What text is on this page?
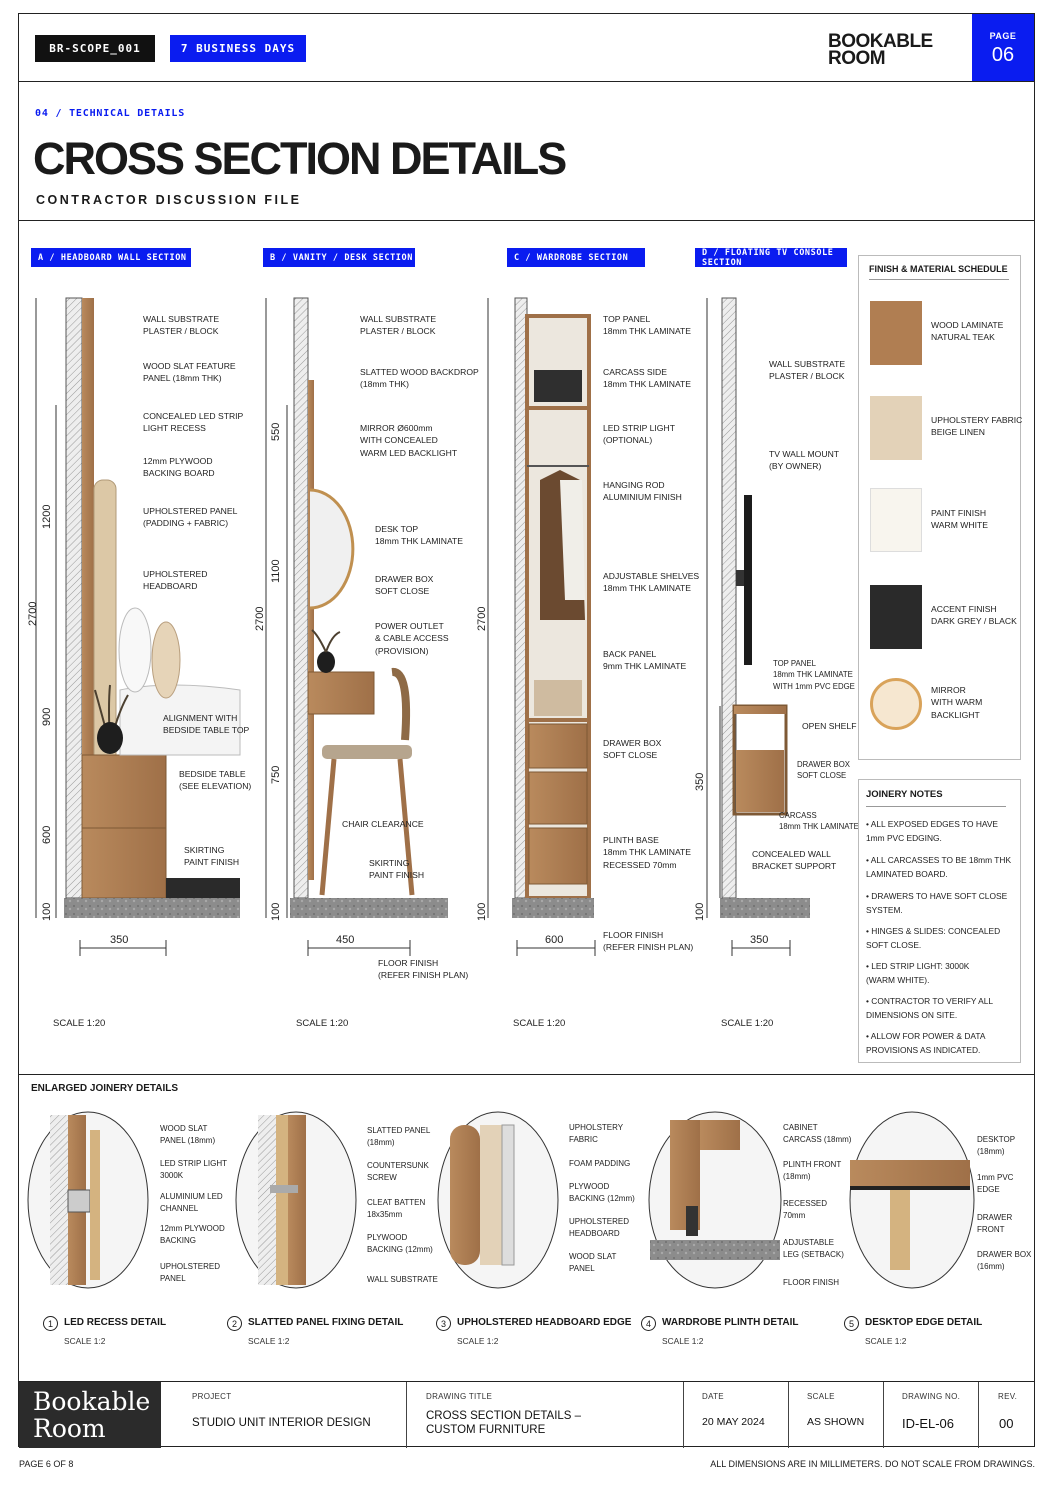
BR-SCOPE_001	7 BUSINESS DAYS	BOOKABLE
ROOM
PAGE
06
04 / TECHNICAL DETAILS
CROSS SECTION DETAILS
CONTRACTOR DISCUSSION FILE
A / HEADBOARD WALL SECTION	B / VANITY / DESK SECTION	C / WARDROBE SECTION	D / FLOATING TV CONSOLE SECTION
WALL SUBSTRATE
PLASTER / BLOCK
WOOD SLAT FEATURE
PANEL (18mm THK)
CONCEALED LED STRIP
LIGHT RECESS
12mm PLYWOOD
BACKING BOARD
UPHOLSTERED PANEL
(PADDING + FABRIC)
UPHOLSTERED
HEADBOARD
ALIGNMENT WITH
BEDSIDE TABLE TOP
BEDSIDE TABLE
(SEE ELEVATION)
SKIRTING
PAINT FINISH
2700
1200
900
600
100
350
SCALE 1:20
WALL SUBSTRATE
PLASTER / BLOCK
SLATTED WOOD BACKDROP
(18mm THK)
MIRROR Ø600mm
WITH CONCEALED
WARM LED BACKLIGHT
DESK TOP
18mm THK LAMINATE
DRAWER BOX
SOFT CLOSE
POWER OUTLET
& CABLE ACCESS
(PROVISION)
CHAIR CLEARANCE
SKIRTING
PAINT FINISH
FLOOR FINISH
(REFER FINISH PLAN)
2700
550
1100
750
100
450
SCALE 1:20
TOP PANEL
18mm THK LAMINATE
CARCASS SIDE
18mm THK LAMINATE
LED STRIP LIGHT
(OPTIONAL)
HANGING ROD
ALUMINIUM FINISH
ADJUSTABLE SHELVES
18mm THK LAMINATE
BACK PANEL
9mm THK LAMINATE
DRAWER BOX
SOFT CLOSE
PLINTH BASE
18mm THK LAMINATE
RECESSED 70mm
FLOOR FINISH
(REFER FINISH PLAN)
2700
100
600
SCALE 1:20
WALL SUBSTRATE
PLASTER / BLOCK
TV WALL MOUNT
(BY OWNER)
TOP PANEL
18mm THK LAMINATE
WITH 1mm PVC EDGE
OPEN SHELF
DRAWER BOX
SOFT CLOSE
CARCASS
18mm THK LAMINATE
CONCEALED WALL
BRACKET SUPPORT
350
100
350
SCALE 1:20
FINISH & MATERIAL SCHEDULE
WOOD LAMINATE
NATURAL TEAK
UPHOLSTERY FABRIC
BEIGE LINEN
PAINT FINISH
WARM WHITE
ACCENT FINISH
DARK GREY / BLACK
MIRROR
WITH WARM
BACKLIGHT
JOINERY NOTES
• ALL EXPOSED EDGES TO HAVE
1mm PVC EDGING.
• ALL CARCASSES TO BE 18mm THK
LAMINATED BOARD.
• DRAWERS TO HAVE SOFT CLOSE
SYSTEM.
• HINGES & SLIDES: CONCEALED
SOFT CLOSE.
• LED STRIP LIGHT: 3000K
(WARM WHITE).
• CONTRACTOR TO VERIFY ALL
DIMENSIONS ON SITE.
• ALLOW FOR POWER & DATA
PROVISIONS AS INDICATED.
ENLARGED JOINERY DETAILS
WOOD SLAT
PANEL (18mm)
LED STRIP LIGHT
3000K
ALUMINIUM LED
CHANNEL
12mm PLYWOOD
BACKING
UPHOLSTERED
PANEL
SLATTED PANEL
(18mm)
COUNTERSUNK
SCREW
CLEAT BATTEN
18x35mm
PLYWOOD
BACKING (12mm)
WALL SUBSTRATE
UPHOLSTERY
FABRIC
FOAM PADDING
PLYWOOD
BACKING (12mm)
UPHOLSTERED
HEADBOARD
WOOD SLAT
PANEL
CABINET
CARCASS (18mm)
PLINTH FRONT
(18mm)
RECESSED
70mm
ADJUSTABLE
LEG (SETBACK)
FLOOR FINISH
DESKTOP
(18mm)
1mm PVC
EDGE
DRAWER
FRONT
DRAWER BOX
(16mm)
1	LED RECESS DETAIL
SCALE 1:2
2	SLATTED PANEL FIXING DETAIL
SCALE 1:2
3	UPHOLSTERED HEADBOARD EDGE
SCALE 1:2
4	WARDROBE PLINTH DETAIL
SCALE 1:2
5	DESKTOP EDGE DETAIL
SCALE 1:2
Bookable
Room
PROJECT
STUDIO UNIT INTERIOR DESIGN
DRAWING TITLE
CROSS SECTION DETAILS –
CUSTOM FURNITURE
DATE
20 MAY 2024
SCALE
AS SHOWN
DRAWING NO.
ID-EL-06
REV.
00
PAGE 6 OF 8	ALL DIMENSIONS ARE IN MILLIMETERS. DO NOT SCALE FROM DRAWINGS.
